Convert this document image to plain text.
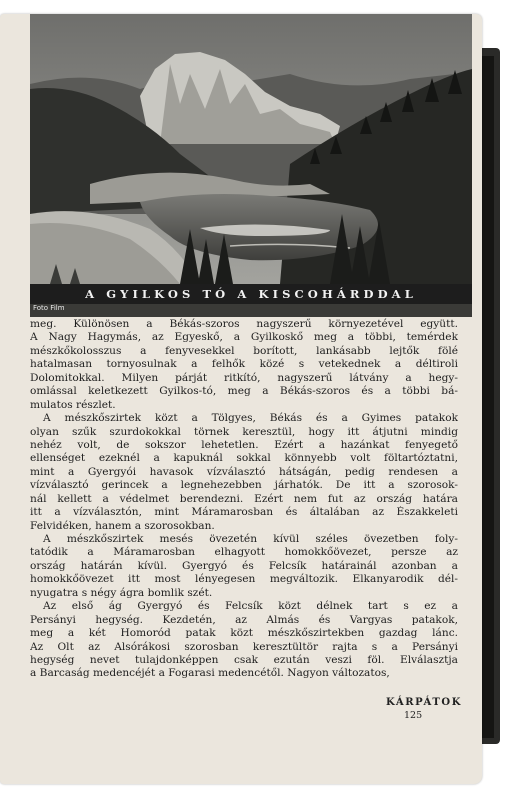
A GYILKOS TÓ A KISCOHÁRDDAL
Foto Film
meg. Különösen a Békás-szoros nagyszerű környezetével együtt.
A Nagy Hagymás, az Egyeskő, a Gyilkoskő meg a többi, temérdek
mészkőkolosszus a fenyvesekkel borított, lankásabb lejtők fölé
hatalmasan tornyosulnak a felhők közé s vetekednek a déltiroli
Dolomitokkal. Milyen párját ritkító, nagyszerű látvány a hegy-
omlással keletkezett Gyilkos-tó, meg a Békás-szoros és a többi bá-
mulatos részlet.
A mészkőszirtek közt a Tölgyes, Békás és a Gyimes patakok
olyan szűk szurdokokkal törnek keresztül, hogy itt átjutni mindig
nehéz volt, de sokszor lehetetlen. Ezért a hazánkat fenyegető
ellenséget ezeknél a kapuknál sokkal könnyebb volt föltartóztatni,
mint a Gyergyói havasok vízválasztó hátságán, pedig rendesen a
vízválasztó gerincek a legnehezebben járhatók. De itt a szorosok-
nál kellett a védelmet berendezni. Ezért nem fut az ország határa
itt a vízválasztón, mint Máramarosban és általában az Északkeleti
Felvidéken, hanem a szorosokban.
A mészkőszirtek mesés övezetén kívül széles övezetben foly-
tatódik a Máramarosban elhagyott homokkőövezet, persze az
ország határán kívül. Gyergyó és Felcsík határainál azonban a
homokkőövezet itt most lényegesen megváltozik. Elkanyarodik dél-
nyugatra s négy ágra bomlik szét.
Az első ág Gyergyó és Felcsík közt délnek tart s ez a
Persányi hegység. Kezdetén, az Almás és Vargyas patakok,
meg a két Homoród patak közt mészkőszirtekben gazdag lánc.
Az Olt az Alsórákosi szorosban keresztültör rajta s a Persányi
hegység nevet tulajdonképpen csak ezután veszi föl. Elválasztja
a Barcaság medencéjét a Fogarasi medencétől. Nagyon változatos,
KÁRPÁTOK
125
